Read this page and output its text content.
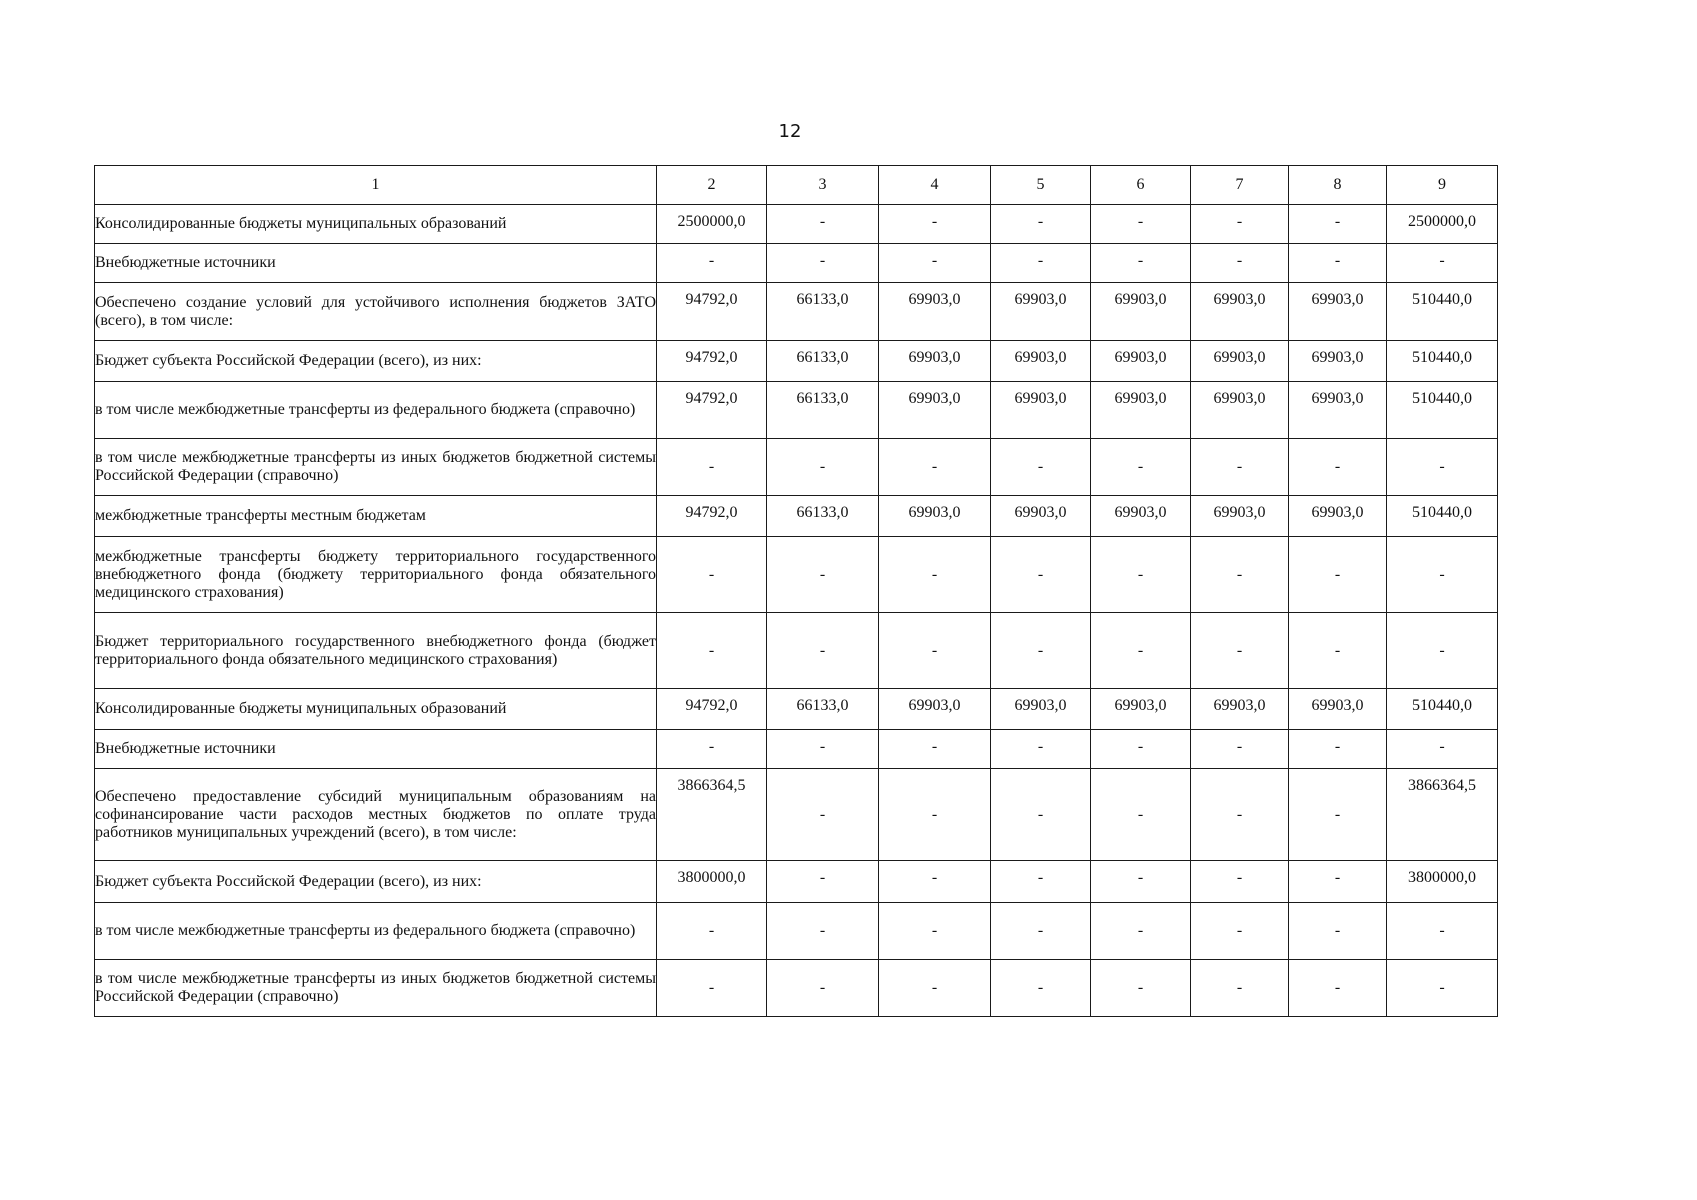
12
1	2	3	4	5	6	7	8	9
Консолидированные бюджеты муниципальных образований	2500000,0	-	-	-	-	-	-	2500000,0
Внебюджетные источники	-	-	-	-	-	-	-	-
Обеспечено создание условий для устойчивого исполнения бюджетов ЗАТО (всего), в том числе:	94792,0	66133,0	69903,0	69903,0	69903,0	69903,0	69903,0	510440,0
Бюджет субъекта Российской Федерации (всего), из них:	94792,0	66133,0	69903,0	69903,0	69903,0	69903,0	69903,0	510440,0
в том числе межбюджетные трансферты из федерального бюджета (справочно)	94792,0	66133,0	69903,0	69903,0	69903,0	69903,0	69903,0	510440,0
в том числе межбюджетные трансферты из иных бюджетов бюджетной системы Российской Федерации (справочно)	-	-	-	-	-	-	-	-
межбюджетные трансферты местным бюджетам	94792,0	66133,0	69903,0	69903,0	69903,0	69903,0	69903,0	510440,0
межбюджетные трансферты бюджету территориального государственного внебюджетного фонда (бюджету территориального фонда обязательного медицинского страхования)	-	-	-	-	-	-	-	-
Бюджет территориального государственного внебюджетного фонда (бюджет территориального фонда обязательного медицинского страхования)	-	-	-	-	-	-	-	-
Консолидированные бюджеты муниципальных образований	94792,0	66133,0	69903,0	69903,0	69903,0	69903,0	69903,0	510440,0
Внебюджетные источники	-	-	-	-	-	-	-	-
Обеспечено предоставление субсидий муниципальным образованиям на софинансирование части расходов местных бюджетов по оплате труда работников муниципальных учреждений (всего), в том числе:	3866364,5	-	-	-	-	-	-	3866364,5
Бюджет субъекта Российской Федерации (всего), из них:	3800000,0	-	-	-	-	-	-	3800000,0
в том числе межбюджетные трансферты из федерального бюджета (справочно)	-	-	-	-	-	-	-	-
в том числе межбюджетные трансферты из иных бюджетов бюджетной системы Российской Федерации (справочно)	-	-	-	-	-	-	-	-
